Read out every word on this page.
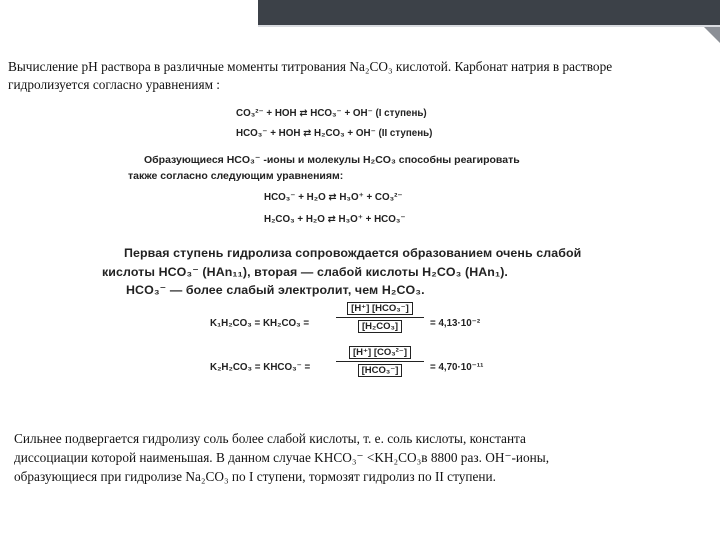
Вычисление pH раствора в различные моменты титрования Na₂CO₃ кислотой. Карбонат натрия в растворе
гидролизуется согласно уравнениям :
CO₃²⁻ + HOH ⇄ HCO₃⁻ + OH⁻ (I ступень)
HCO₃⁻ + HOH ⇄ H₂CO₃ + OH⁻ (II ступень)
Образующиеся HCO₃⁻ -ионы и молекулы H₂CO₃ способны реагировать
также согласно следующим уравнениям:
HCO₃⁻ + H₂O ⇄ H₃O⁺ + CO₃²⁻
H₂CO₃ + H₂O ⇄ H₃O⁺ + HCO₃⁻
Первая ступень гидролиза сопровождается образованием очень слабой
кислоты HCO₃⁻ (HAn₁₁), вторая — слабой кислоты H₂CO₃ (HAn₁).
HCO₃⁻ — более слабый электролит, чем H₂CO₃.
K₁H₂CO₃ = KH₂CO₃ =
[H⁺] [HCO₃⁻]
[H₂CO₃]	= 4,13·10⁻²
K₂H₂CO₃ = KHCO₃⁻ =
[H⁺] [CO₃²⁻]
[HCO₃⁻]	= 4,70·10⁻¹¹
Сильнее подвергается гидролизу соль более слабой кислоты, т. е. соль кислоты, константа
диссоциации которой наименьшая. В данном случае KHCO₃⁻ <KH₂CO₃в 8800 раз. OH⁻-ионы,
образующиеся при гидролизе Na₂CO₃ по I ступени, тормозят гидролиз по II ступени.
